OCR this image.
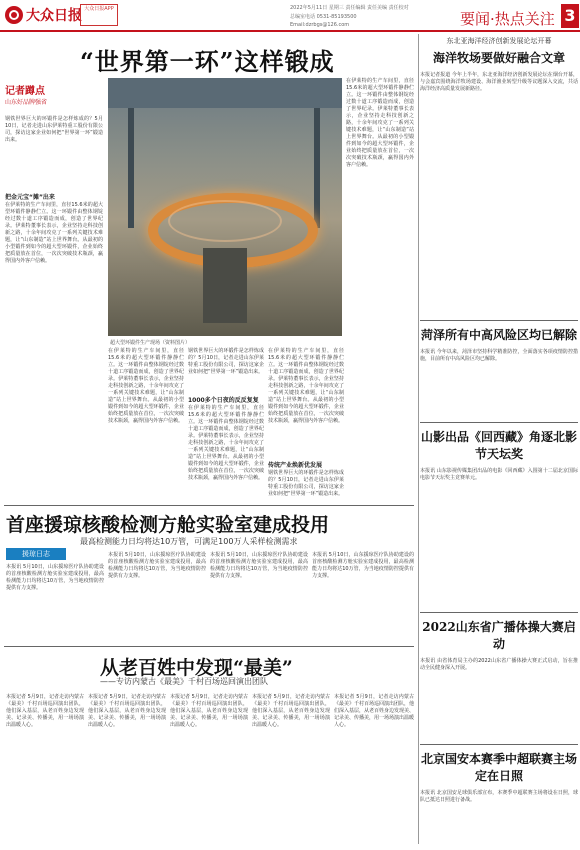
大众日报 大众日报APP	2022年5月11日 星期三 责任编辑 责任美编 责任校对
总编室电话 0531-85193500
Email:dzrbgs@126.com	要闻·热点关注 3
“世界第一环”这样锻成
记者蹲点
山东好品牌强省
钢铁世界巨大的环锻件是怎样炼成的？5月10日，记者走进山东伊莱特重工股份有限公司，探访这家企业如何把“世界第一环”锻造出来。
把金元宝“摊”出来
在伊莱特的生产车间里，直径15.6米的超大型环锻件静静伫立。这一环锻件由整体钢锭经过数十道工序锻造而成，创造了世界纪录。伊莱特董事长表示，企业坚持走科技创新之路，十余年间攻克了一系列关键技术难题，让“山东制造”站上世界舞台。从最初的小型锻件到如今的超大型环锻件，企业始终把质量放在首位，一次次突破技术瓶颈，赢得国内外客户信赖。
超大型环锻件生产现场（资料图片）
在伊莱特的生产车间里，直径15.6米的超大型环锻件静静伫立。这一环锻件由整体钢锭经过数十道工序锻造而成，创造了世界纪录。伊莱特董事长表示，企业坚持走科技创新之路，十余年间攻克了一系列关键技术难题，让“山东制造”站上世界舞台。从最初的小型锻件到如今的超大型环锻件，企业始终把质量放在首位，一次次突破技术瓶颈，赢得国内外客户信赖。
1000多个日夜的反反复复
钢铁世界巨大的环锻件是怎样炼成的？5月10日，记者走进山东伊莱特重工股份有限公司，探访这家企业如何把“世界第一环”锻造出来。
在伊莱特的生产车间里，直径15.6米的超大型环锻件静静伫立。这一环锻件由整体钢锭经过数十道工序锻造而成，创造了世界纪录。伊莱特董事长表示，企业坚持走科技创新之路，十余年间攻克了一系列关键技术难题，让“山东制造”站上世界舞台。从最初的小型锻件到如今的超大型环锻件，企业始终把质量放在首位，一次次突破技术瓶颈，赢得国内外客户信赖。
在伊莱特的生产车间里，直径15.6米的超大型环锻件静静伫立。这一环锻件由整体钢锭经过数十道工序锻造而成，创造了世界纪录。伊莱特董事长表示，企业坚持走科技创新之路，十余年间攻克了一系列关键技术难题，让“山东制造”站上世界舞台。从最初的小型锻件到如今的超大型环锻件，企业始终把质量放在首位，一次次突破技术瓶颈，赢得国内外客户信赖。
传统产业焕新优发展
钢铁世界巨大的环锻件是怎样炼成的？5月10日，记者走进山东伊莱特重工股份有限公司，探访这家企业如何把“世界第一环”锻造出来。
在伊莱特的生产车间里，直径15.6米的超大型环锻件静静伫立。这一环锻件由整体钢锭经过数十道工序锻造而成，创造了世界纪录。伊莱特董事长表示，企业坚持走科技创新之路，十余年间攻克了一系列关键技术难题，让“山东制造”站上世界舞台。从最初的小型锻件到如今的超大型环锻件，企业始终把质量放在首位，一次次突破技术瓶颈，赢得国内外客户信赖。
东北亚海洋经济创新发展论坛开幕
海洋牧场要做好融合文章
本报记者报道 今年上半年，东北亚海洋经济创新发展论坛在烟台开幕，与会嘉宾围绕海洋牧场建设、海洋渔业转型升级等议题深入交流，共话海洋经济高质量发展新路径。
菏泽所有中高风险区均已解除
本报讯 今年以来，菏泽市坚持科学精准防控，全面落实各项疫情防控措施，目前所有中高风险区均已解除。
山影出品《回西藏》角逐北影节天坛奖
本报讯 山东影视传媒集团出品的电影《回西藏》入围第十二届北京国际电影节天坛奖主竞赛单元。
2022山东省广播体操大赛启动
本报讯 由省体育局主办的2022山东省广播体操大赛正式启动，旨在推动全民健身深入开展。
北京国安本赛季中超联赛主场定在日照
本报讯 北京国安足球俱乐部宣布，本赛季中超联赛主场将设在日照，球队已抵达日照进行备战。
首座援琼核酸检测方舱实验室建成投用
最高检测能力日均将达10万管，可满足100万人采样检测需求
援琼日志
本报讯 5月10日，山东援琼医疗队协助建设的首座核酸检测方舱实验室建成投用，最高检测能力日均将达10万管，为当地疫情防控提供有力支撑。
本报讯 5月10日，山东援琼医疗队协助建设的首座核酸检测方舱实验室建成投用，最高检测能力日均将达10万管，为当地疫情防控提供有力支撑。
本报讯 5月10日，山东援琼医疗队协助建设的首座核酸检测方舱实验室建成投用，最高检测能力日均将达10万管，为当地疫情防控提供有力支撑。
本报讯 5月10日，山东援琼医疗队协助建设的首座核酸检测方舱实验室建成投用，最高检测能力日均将达10万管，为当地疫情防控提供有力支撑。
从老百姓中发现“最美”
——专访内蒙古《最美》千村百场巡回演出团队
本报记者 5月9日，记者走访内蒙古《最美》千村百场巡回演出团队，他们深入基层，从老百姓身边发现美、记录美、传播美，用一场场演出温暖人心。
本报记者 5月9日，记者走访内蒙古《最美》千村百场巡回演出团队，他们深入基层，从老百姓身边发现美、记录美、传播美，用一场场演出温暖人心。
本报记者 5月9日，记者走访内蒙古《最美》千村百场巡回演出团队，他们深入基层，从老百姓身边发现美、记录美、传播美，用一场场演出温暖人心。
本报记者 5月9日，记者走访内蒙古《最美》千村百场巡回演出团队，他们深入基层，从老百姓身边发现美、记录美、传播美，用一场场演出温暖人心。
本报记者 5月9日，记者走访内蒙古《最美》千村百场巡回演出团队，他们深入基层，从老百姓身边发现美、记录美、传播美，用一场场演出温暖人心。
